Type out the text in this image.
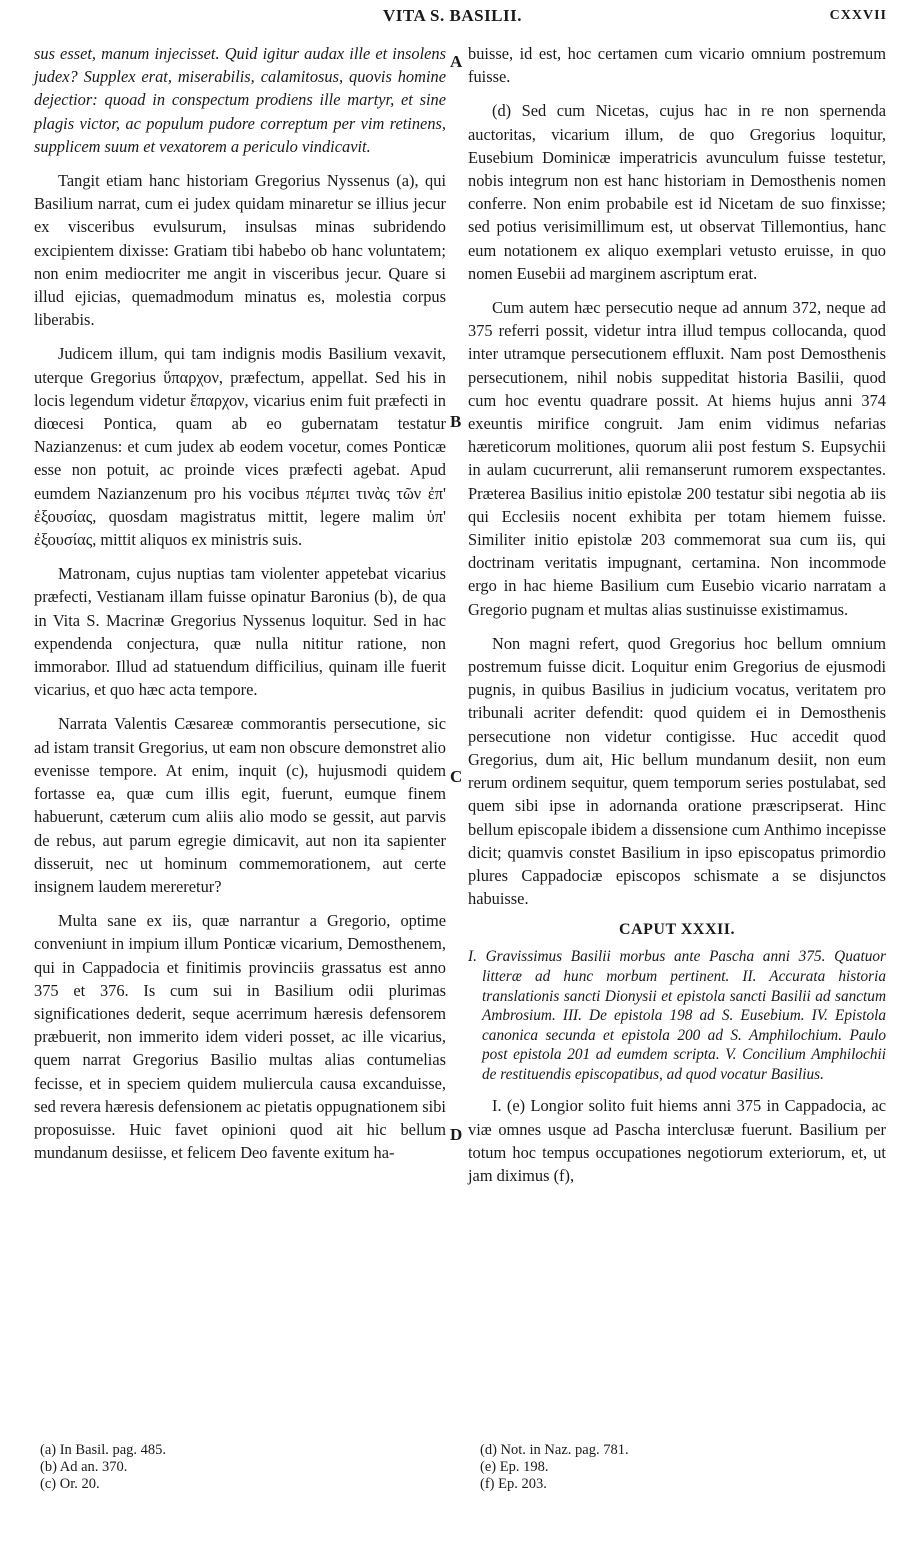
VITA S. BASILII.	CXXVII
A
B
C
D

sus esset, manum injecisset. Quid igitur audax ille et insolens judex? Supplex erat, miserabilis, calamitosus, quovis homine dejectior: quoad in conspectum prodiens ille martyr, et sine plagis victor, ac populum pudore correptum per vim retinens, supplicem suum et vexatorem a periculo vindicavit.

Tangit etiam hanc historiam Gregorius Nyssenus (a), qui Basilium narrat, cum ei judex quidam minaretur se illius jecur ex visceribus evulsurum, insulsas minas subridendo excipientem dixisse: Gratiam tibi habebo ob hanc voluntatem; non enim mediocriter me angit in visceribus jecur. Quare si illud ejicias, quemadmodum minatus es, molestia corpus liberabis.

Judicem illum, qui tam indignis modis Basilium vexavit, uterque Gregorius ὕπαρχον, præfectum, appellat. Sed his in locis legendum videtur ἔπαρχον, vicarius enim fuit præfecti in diœcesi Pontica, quam ab eo gubernatam testatur Nazianzenus: et cum judex ab eodem vocetur, comes Ponticæ esse non potuit, ac proinde vices præfecti agebat. Apud eumdem Nazianzenum pro his vocibus πέμπει τινὰς τῶν ἐπ' ἐξουσίας, quosdam magistratus mittit, legere malim ὑπ' ἐξουσίας, mittit aliquos ex ministris suis.

Matronam, cujus nuptias tam violenter appetebat vicarius præfecti, Vestianam illam fuisse opinatur Baronius (b), de qua in Vita S. Macrinæ Gregorius Nyssenus loquitur. Sed in hac expendenda conjectura, quæ nulla nititur ratione, non immorabor. Illud ad statuendum difficilius, quinam ille fuerit vicarius, et quo hæc acta tempore.

Narrata Valentis Cæsareæ commorantis persecutione, sic ad istam transit Gregorius, ut eam non obscure demonstret alio evenisse tempore. At enim, inquit (c), hujusmodi quidem fortasse ea, quæ cum illis egit, fuerunt, eumque finem habuerunt, cæterum cum aliis alio modo se gessit, aut parvis de rebus, aut parum egregie dimicavit, aut non ita sapienter disseruit, nec ut hominum commemorationem, aut certe insignem laudem mereretur?

Multa sane ex iis, quæ narrantur a Gregorio, optime conveniunt in impium illum Ponticæ vicarium, Demosthenem, qui in Cappadocia et finitimis provinciis grassatus est anno 375 et 376. Is cum sui in Basilium odii plurimas significationes dederit, seque acerrimum hæresis defensorem præbuerit, non immerito idem videri posset, ac ille vicarius, quem narrat Gregorius Basilio multas alias contumelias fecisse, et in speciem quidem muliercula causa excanduisse, sed revera hæresis defensionem ac pietatis oppugnationem sibi proposuisse. Huic favet opinioni quod ait hic bellum mundanum desiisse, et felicem Deo favente exitum ha-

buisse, id est, hoc certamen cum vicario omnium postremum fuisse.

(d) Sed cum Nicetas, cujus hac in re non spernenda auctoritas, vicarium illum, de quo Gregorius loquitur, Eusebium Dominicæ imperatricis avunculum fuisse testetur, nobis integrum non est hanc historiam in Demosthenis nomen conferre. Non enim probabile est id Nicetam de suo finxisse; sed potius verisimillimum est, ut observat Tillemontius, hanc eum notationem ex aliquo exemplari vetusto eruisse, in quo nomen Eusebii ad marginem ascriptum erat.

Cum autem hæc persecutio neque ad annum 372, neque ad 375 referri possit, videtur intra illud tempus collocanda, quod inter utramque persecutionem effluxit. Nam post Demosthenis persecutionem, nihil nobis suppeditat historia Basilii, quod cum hoc eventu quadrare possit. At hiems hujus anni 374 exeuntis mirifice congruit. Jam enim vidimus nefarias hæreticorum molitiones, quorum alii post festum S. Eupsychii in aulam cucurrerunt, alii remanserunt rumorem exspectantes. Præterea Basilius initio epistolæ 200 testatur sibi negotia ab iis qui Ecclesiis nocent exhibita per totam hiemem fuisse. Similiter initio epistolæ 203 commemorat sua cum iis, qui doctrinam veritatis impugnant, certamina. Non incommode ergo in hac hieme Basilium cum Eusebio vicario narratam a Gregorio pugnam et multas alias sustinuisse existimamus.

Non magni refert, quod Gregorius hoc bellum omnium postremum fuisse dicit. Loquitur enim Gregorius de ejusmodi pugnis, in quibus Basilius in judicium vocatus, veritatem pro tribunali acriter defendit: quod quidem ei in Demosthenis persecutione non videtur contigisse. Huc accedit quod Gregorius, dum ait, Hic bellum mundanum desiit, non eum rerum ordinem sequitur, quem temporum series postulabat, sed quem sibi ipse in adornanda oratione præscripserat. Hinc bellum episcopale ibidem a dissensione cum Anthimo incepisse dicit; quamvis constet Basilium in ipso episcopatus primordio plures Cappadociæ episcopos schismate a se disjunctos habuisse.

CAPUT XXXII.
I. Gravissimus Basilii morbus ante Pascha anni 375. Quatuor litteræ ad hunc morbum pertinent. II. Accurata historia translationis sancti Dionysii et epistola sancti Basilii ad sanctum Ambrosium. III. De epistola 198 ad S. Eusebium. IV. Epistola canonica secunda et epistola 200 ad S. Amphilochium. Paulo post epistola 201 ad eumdem scripta. V. Concilium Amphilochii de restituendis episcopatibus, ad quod vocatur Basilius.

I. (e) Longior solito fuit hiems anni 375 in Cappadocia, ac viæ omnes usque ad Pascha interclusæ fuerunt. Basilium per totum hoc tempus occupationes negotiorum exteriorum, et, ut jam diximus (f),

(a) In Basil. pag. 485.
(b) Ad an. 370.
(c) Or. 20.
(d) Not. in Naz. pag. 781.
(e) Ep. 198.
(f) Ep. 203.
